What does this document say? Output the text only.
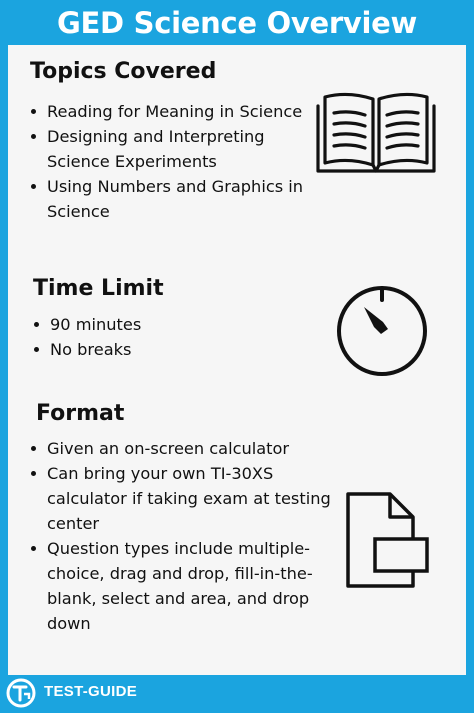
GED Science Overview
Topics Covered
Reading for Meaning in Science
Designing and Interpreting Science Experiments
Using Numbers and Graphics in Science
Time Limit
90 minutes
No breaks
Format
Given an on-screen calculator
Can bring your own TI-30XS calculator if taking exam at testing center
Question types include multiple-choice, drag and drop, fill-in-the-blank, select and area, and drop down
TEST-GUIDE
